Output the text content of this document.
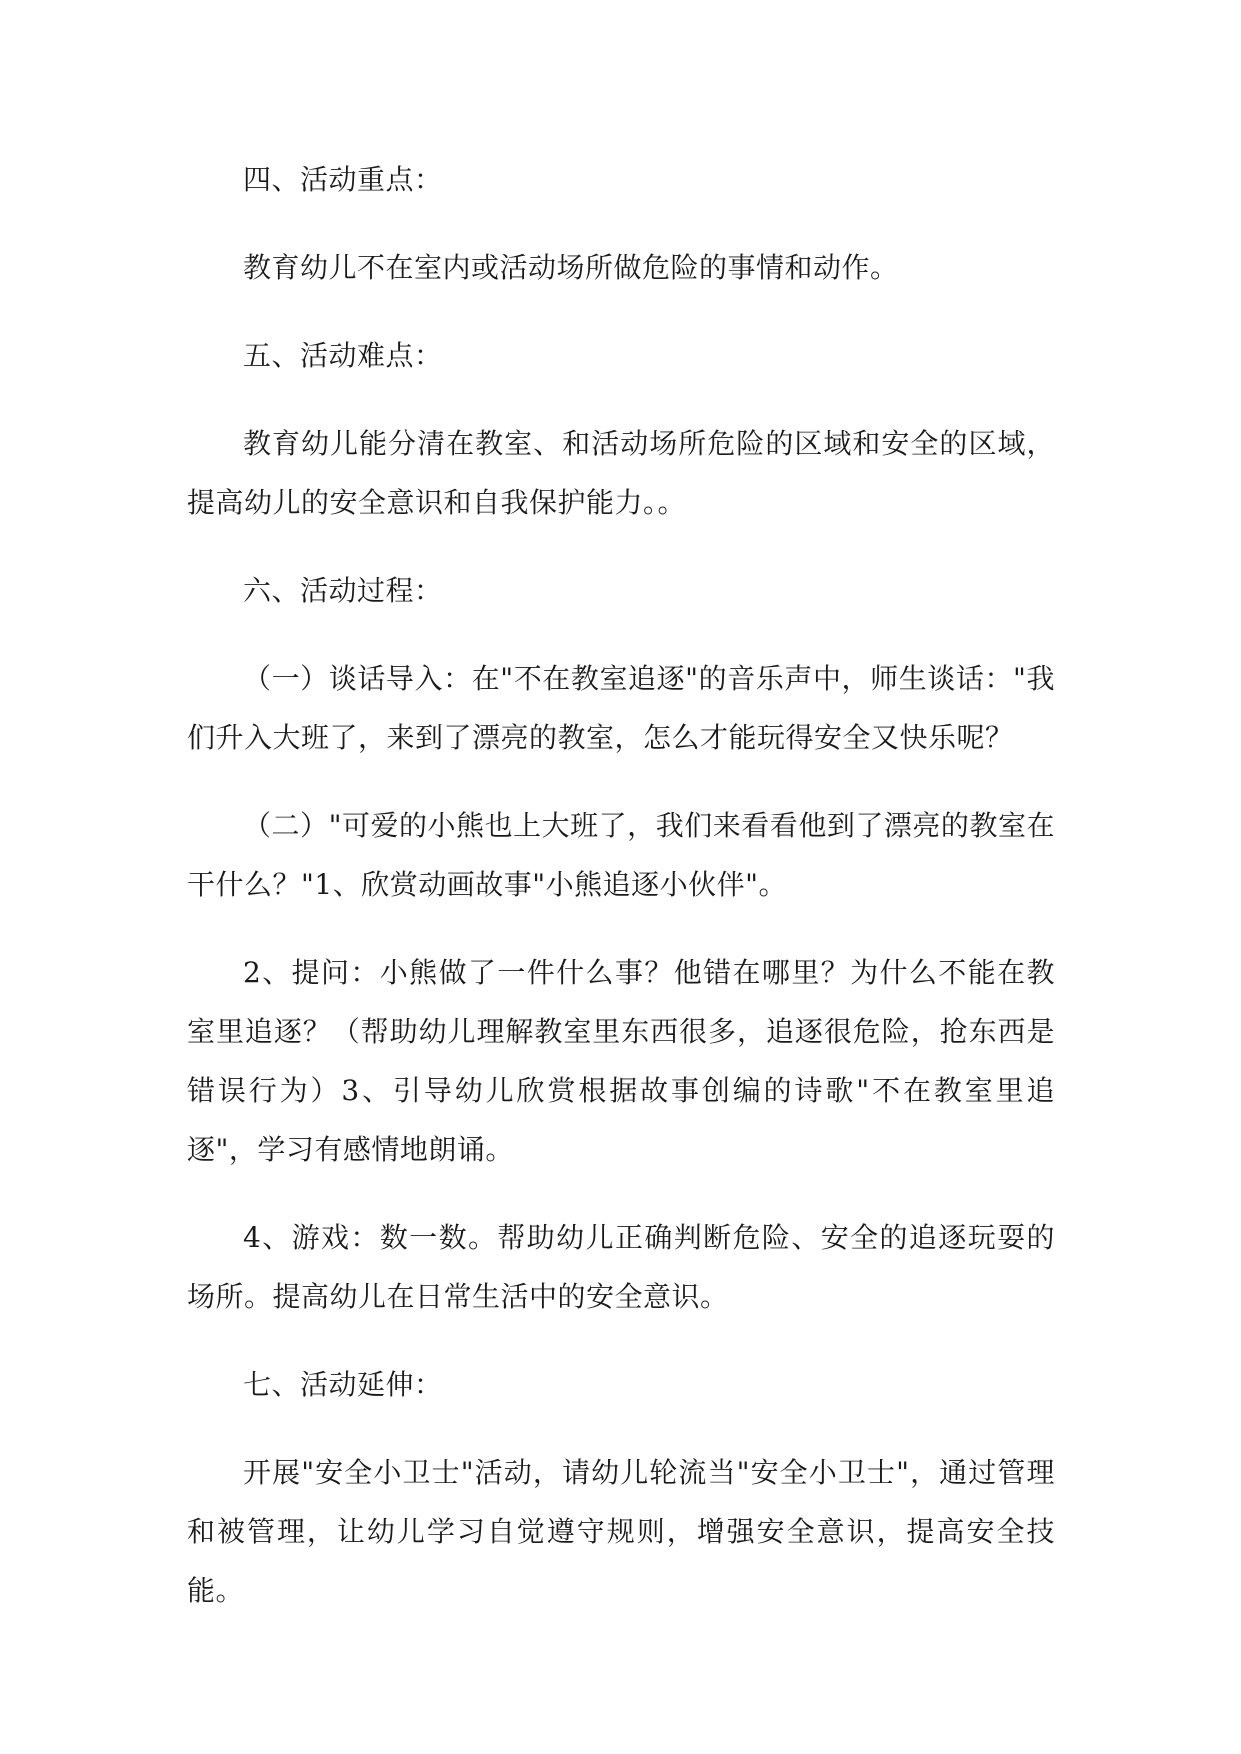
四、活动重点：

教育幼儿不在室内或活动场所做危险的事情和动作。

五、活动难点：

教育幼儿能分清在教室、和活动场所危险的区域和安全的区域，提高幼儿的安全意识和自我保护能力。。

六、活动过程：

（一）谈话导入：在"不在教室追逐"的音乐声中，师生谈话："我们升入大班了，来到了漂亮的教室，怎么才能玩得安全又快乐呢？

（二）"可爱的小熊也上大班了，我们来看看他到了漂亮的教室在干什么？"1、欣赏动画故事"小熊追逐小伙伴"。

2、提问：小熊做了一件什么事？他错在哪里？为什么不能在教室里追逐？（帮助幼儿理解教室里东西很多，追逐很危险，抢东西是错误行为）3、引导幼儿欣赏根据故事创编的诗歌"不在教室里追逐"，学习有感情地朗诵。

4、游戏：数一数。帮助幼儿正确判断危险、安全的追逐玩耍的场所。提高幼儿在日常生活中的安全意识。

七、活动延伸：

开展"安全小卫士"活动，请幼儿轮流当"安全小卫士"，通过管理和被管理，让幼儿学习自觉遵守规则，增强安全意识，提高安全技能。
